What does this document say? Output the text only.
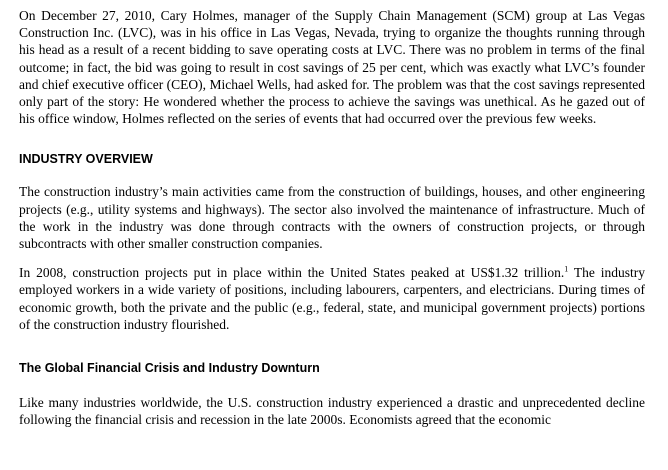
On December 27, 2010, Cary Holmes, manager of the Supply Chain Management (SCM) group at Las Vegas Construction Inc. (LVC), was in his office in Las Vegas, Nevada, trying to organize the thoughts running through his head as a result of a recent bidding to save operating costs at LVC. There was no problem in terms of the final outcome; in fact, the bid was going to result in cost savings of 25 per cent, which was exactly what LVC’s founder and chief executive officer (CEO), Michael Wells, had asked for. The problem was that the cost savings represented only part of the story: He wondered whether the process to achieve the savings was unethical. As he gazed out of his office window, Holmes reflected on the series of events that had occurred over the previous few weeks.

INDUSTRY OVERVIEW

The construction industry’s main activities came from the construction of buildings, houses, and other engineering projects (e.g., utility systems and highways). The sector also involved the maintenance of infrastructure. Much of the work in the industry was done through contracts with the owners of construction projects, or through subcontracts with other smaller construction companies.

In 2008, construction projects put in place within the United States peaked at US$1.32 trillion.$^1$ The industry employed workers in a wide variety of positions, including labourers, carpenters, and electricians. During times of economic growth, both the private and the public (e.g., federal, state, and municipal government projects) portions of the construction industry flourished.

The Global Financial Crisis and Industry Downturn

Like many industries worldwide, the U.S. construction industry experienced a drastic and unprecedented decline following the financial crisis and recession in the late 2000s. Economists agreed that the economic
